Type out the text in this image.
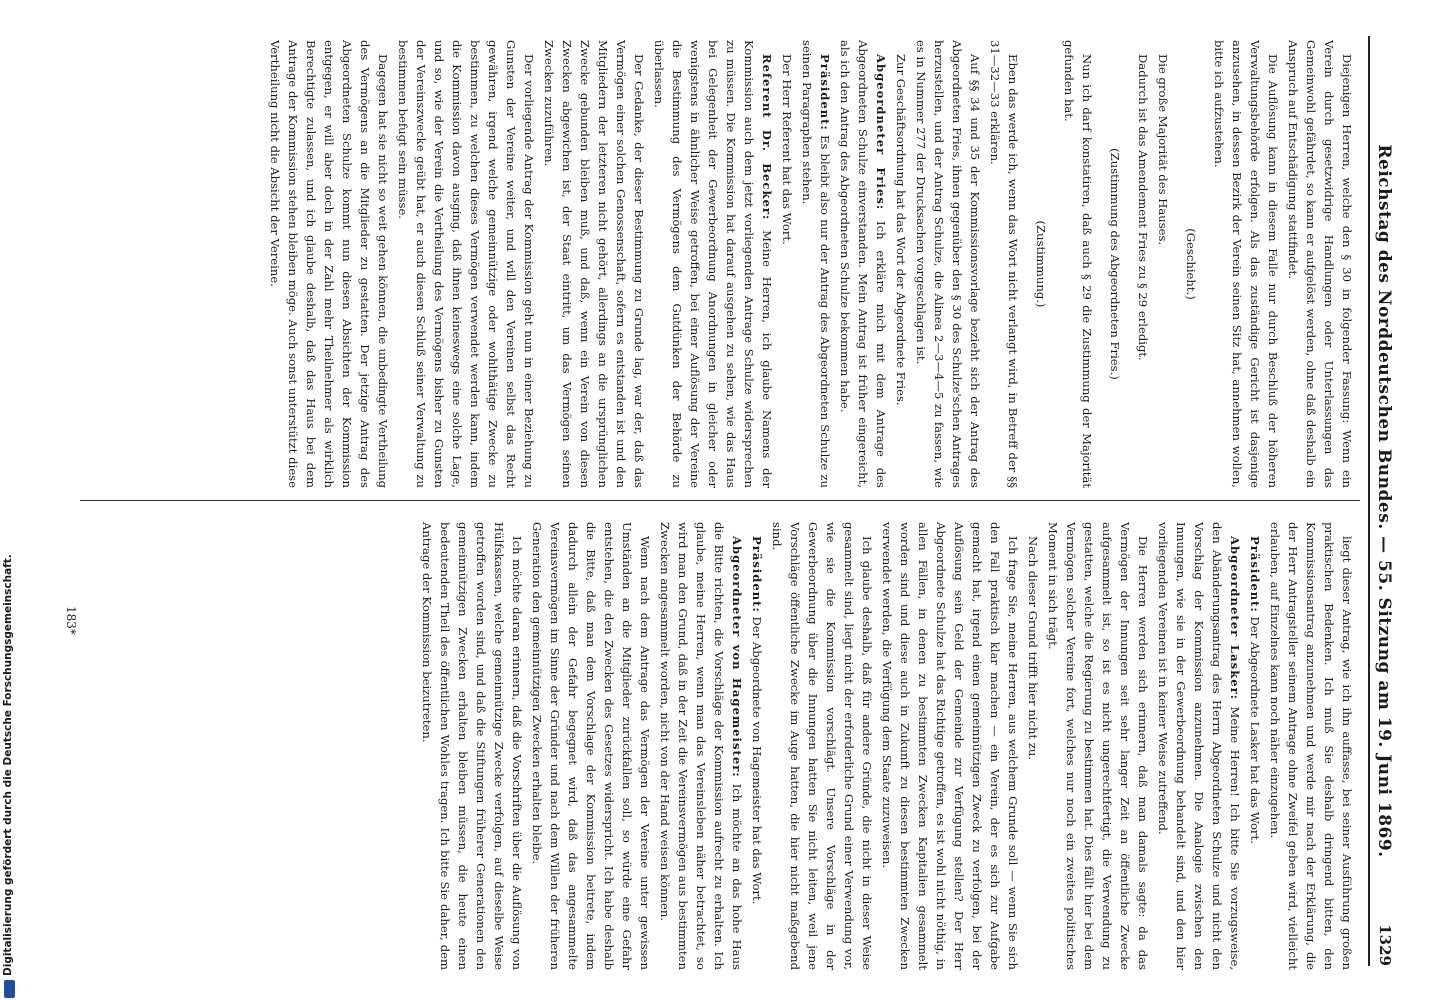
Digitalisierung gefördert durch die Deutsche Forschungsgemeinschaft.	Reichstag des Norddeutschen Bundes. — 55. Sitzung am 19. Juni 1869.
1329

Diejenigen Herren, welche den § 30 in folgender Fassung: Wenn ein Verein durch gesetzwidrige Handlungen oder Unterlassungen das Gemeinwohl gefährdet, so kann er aufgelöst werden, ohne daß deshalb ein Anspruch auf Entschädigung stattfindet.

Die Auflösung kann in diesem Falle nur durch Beschluß der höheren Verwaltungsbehörde erfolgen. Als das zuständige Gericht ist dasjenige anzusehen, in dessen Bezirk der Verein seinen Sitz hat, annehmen wollen, bitte ich aufzustehen.

(Geschieht.)

Die große Majorität des Hauses.

Dadurch ist das Amendement Fries zu § 29 erledigt.

(Zustimmung des Abgeordneten Fries.)

Nun ich darf konstatiren, daß auch § 29 die Zustimmung der Majorität gefunden hat.

(Zustimmung.)

Eben das werde ich, wenn das Wort nicht verlangt wird, in Betreff der §§ 31—32—33 erklären.

Auf §§ 34 und 35 der Kommissionsvorlage bezieht sich der Antrag des Abgeordneten Fries, ihnen gegenüber den § 30 des Schulze'schen Antrages herzustellen, und der Antrag Schulze, die Alinea 2—3—4—5 zu fassen, wie es in Nummer 277 der Drucksachen vorgeschlagen ist.

Zur Geschäftsordnung hat das Wort der Abgeordnete Fries.

Abgeordneter Fries: Ich erkläre mich mit dem Antrage des Abgeordneten Schulze einverstanden. Mein Antrag ist früher eingereicht, als ich den Antrag des Abgeordneten Schulze bekommen habe.

Präsident: Es bleibt also nur der Antrag des Abgeordneten Schulze zu seinen Paragraphen stehen.

Der Herr Referent hat das Wort.

Referent Dr. Becker: Meine Herren, ich glaube Namens der Kommission auch dem jetzt vorliegenden Antrage Schulze widersprechen zu müssen. Die Kommission hat darauf ausgehen zu sehen, wie das Haus bei Gelegenheit der Gewerbeordnung Anordnungen in gleicher oder wenigstens in ähnlicher Weise getroffen, bei einer Auflösung der Vereine die Bestimmung des Vermögens dem Gutdünken der Behörde zu überlassen.

Der Gedanke, der dieser Bestimmung zu Grunde lag, war der, daß das Vermögen einer solchen Genossenschaft, sofern es entstanden ist und den Mitgliedern der letzteren nicht gehört, allerdings an die ursprünglichen Zwecke gebunden bleiben muß, und daß, wenn ein Verein von diesen Zwecken abgewichen ist, der Staat eintritt, um das Vermögen seinen Zwecken zuzuführen.

Der vorliegende Antrag der Kommission geht nun in einer Beziehung zu Gunsten der Vereine weiter, und will den Vereinen selbst das Recht gewähren, irgend welche gemeinnützige oder wohlthätige Zwecke zu bestimmen, zu welchen dieses Vermögen verwendet werden kann, indem die Kommission davon ausging, daß ihnen keineswegs eine solche Lage, und so, wie der Verein die Vertheilung des Vermögens bisher zu Gunsten der Vereinszwecke geübt hat, er auch diesen Schluß seiner Verwaltung zu bestimmen befugt sein müsse.

Dagegen hat sie nicht so weit gehen können, die unbedingte Vertheilung des Vermögens an die Mitglieder zu gestatten. Der jetzige Antrag des Abgeordneten Schulze kommt nun diesen Absichten der Kommission entgegen, er will aber doch in der Zahl mehr Theilnehmer als wirklich Berechtigte zulassen, und ich glaube deshalb, daß das Haus bei dem Antrage der Kommission stehen bleiben möge. Auch sonst unterstützt diese Vertheilung nicht die Absicht der Vereine.

liegt dieser Antrag, wie ich ihn auffasse, bei seiner Ausführung großen praktischen Bedenken. Ich muß Sie deshalb dringend bitten, den Kommissionsantrag anzunehmen und werde mir nach der Erklärung, die der Herr Antragsteller seinem Antrage ohne Zweifel geben wird, vielleicht erlauben, auf Einzelnes kann noch näher einzugehen.

Präsident: Der Abgeordnete Lasker hat das Wort.

Abgeordneter Lasker: Meine Herren! Ich bitte Sie vorzugsweise, den Abänderungsantrag des Herrn Abgeordneten Schulze und nicht den Vorschlag der Kommission anzunehmen. Die Analogie zwischen den Innungen, wie sie in der Gewerbeordnung behandelt sind, und den hier vorliegenden Vereinen ist in keiner Weise zutreffend.

Die Herren werden sich erinnern, daß man damals sagte: da das Vermögen der Innungen seit sehr langer Zeit an öffentliche Zwecke aufgesammelt ist, so ist es nicht ungerechtfertigt, die Verwendung zu gestatten, welche die Regierung zu bestimmen hat. Dies fällt hier bei dem Vermögen solcher Vereine fort, welches nur noch ein zweites politisches Moment in sich trägt.

Nach dieser Grund trifft hier nicht zu.

Ich frage Sie, meine Herren, aus welchem Grunde soll — wenn Sie sich den Fall praktisch klar machen — ein Verein, der es sich zur Aufgabe gemacht hat, irgend einen gemeinnützigen Zweck zu verfolgen, bei der Auflösung sein Geld der Gemeinde zur Verfügung stellen? Der Herr Abgeordnete Schulze hat das Richtige getroffen, es ist wohl nicht nöthig, in allen Fällen, in denen zu bestimmten Zwecken Kapitalien gesammelt worden sind und diese auch in Zukunft zu diesen bestimmten Zwecken verwendet werden, die Verfügung dem Staate zuzuweisen.

Ich glaube deshalb, daß für andere Gründe, die nicht in dieser Weise gesammelt sind, liegt nicht der erforderliche Grund einer Verwendung vor, wie sie die Kommission vorschlägt. Unsere Vorschläge in der Gewerbeordnung über die Innungen hatten Sie nicht leiten, weil jene Vorschläge öffentliche Zwecke im Auge hatten, die hier nicht maßgebend sind.

Präsident: Der Abgeordnete von Hagemeister hat das Wort.

Abgeordneter von Hagemeister: Ich möchte an das hohe Haus die Bitte richten, die Vorschläge der Kommission aufrecht zu erhalten. Ich glaube, meine Herren, wenn man das Vereinsleben näher betrachtet, so wird man den Grund, daß in der Zeit die Vereinsvermögen aus bestimmten Zwecken angesammelt worden, nicht von der Hand weisen können.

Wenn nach dem Antrage das Vermögen der Vereine unter gewissen Umständen an die Mitglieder zurückfallen soll, so würde eine Gefahr entstehen, die den Zwecken des Gesetzes widerspricht. Ich habe deshalb die Bitte, daß man dem Vorschlage der Kommission beitrete, indem dadurch allein der Gefahr begegnet wird, daß das angesammelte Vereinsvermögen im Sinne der Gründer und nach dem Willen der früheren Generation den gemeinnützigen Zwecken erhalten bleibe.

Ich möchte daran erinnern, daß die Vorschriften über die Auflösung von Hülfskassen, welche gemeinnützige Zwecke verfolgen, auf dieselbe Weise getroffen worden sind, und daß die Stiftungen früherer Generationen den gemeinnützigen Zwecken erhalten bleiben müssen, die heute einen bedeutenden Theil des öffentlichen Wohles tragen. Ich bitte Sie daher, dem Antrage der Kommission beizutreten.

183*
